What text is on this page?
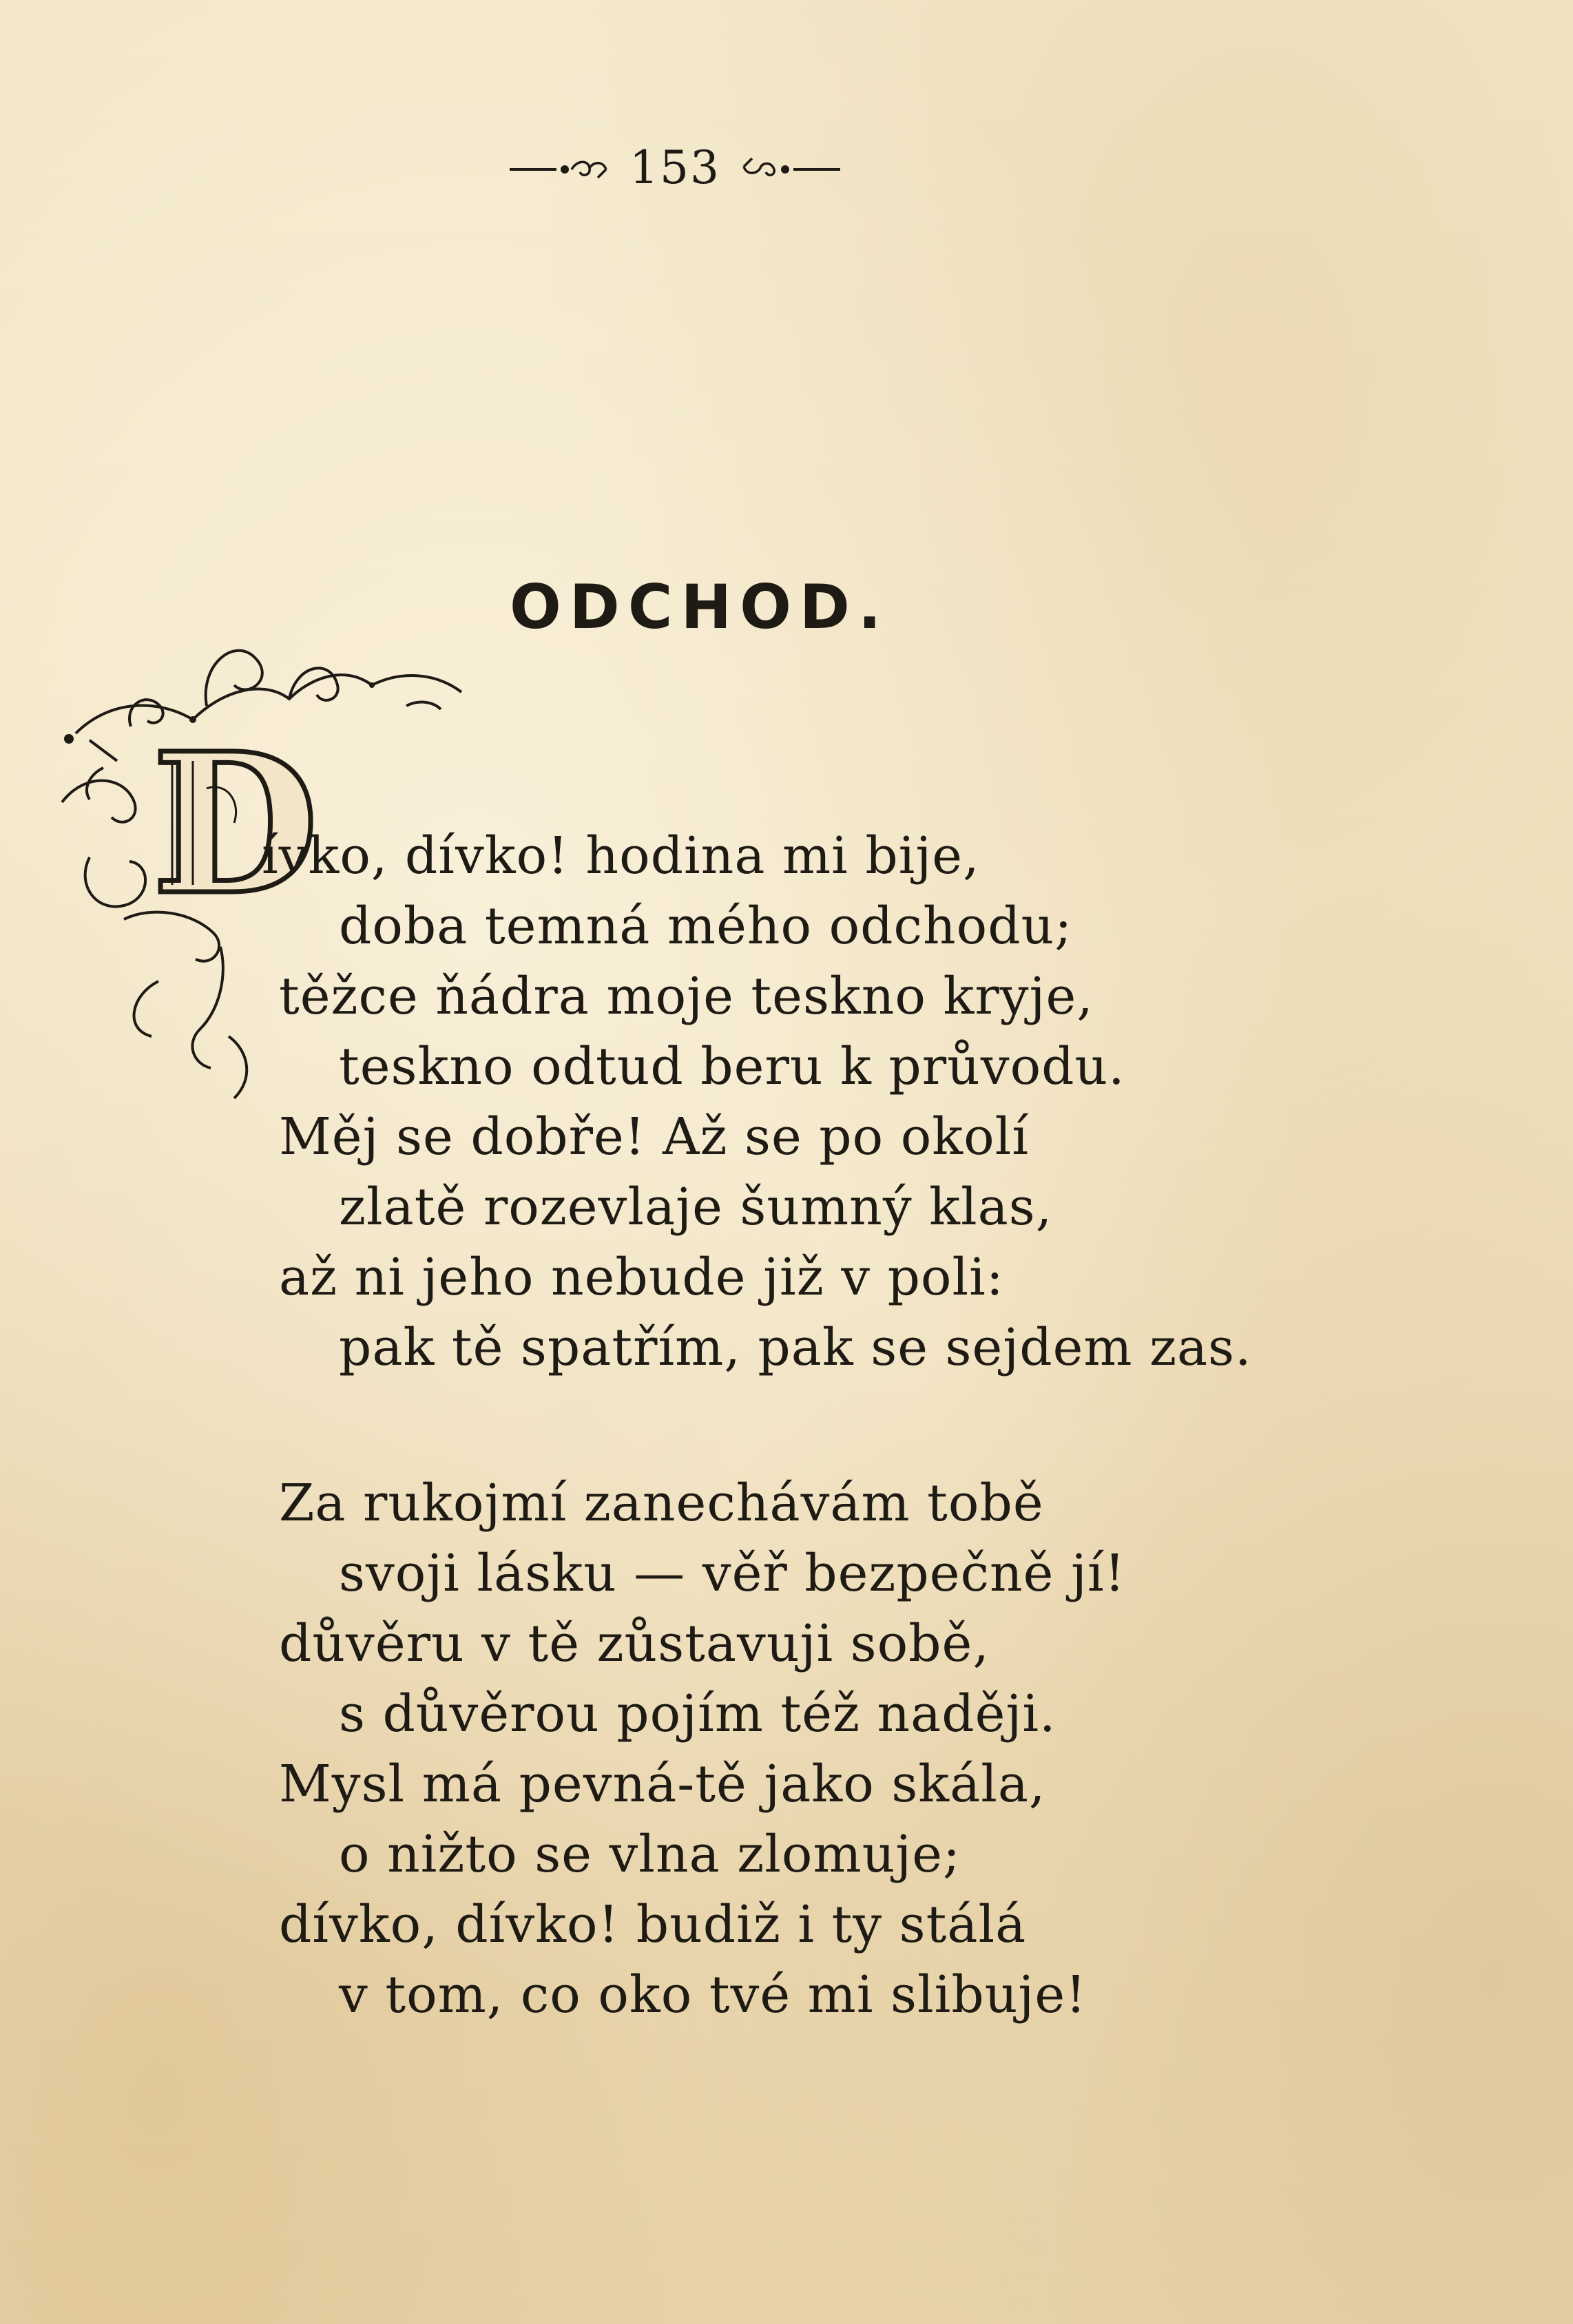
153
ODCHOD.
D
ívko, dívko! hodina mi bije,
doba temná mého odchodu;
těžce ňádra moje teskno kryje,
teskno odtud beru k průvodu.
Měj se dobře! Až se po okolí
zlatě rozevlaje šumný klas,
až ni jeho nebude již v poli:
pak tě spatřím, pak se sejdem zas.
Za rukojmí zanechávám tobě
svoji lásku — věř bezpečně jí!
důvěru v tě zůstavuji sobě,
s důvěrou pojím též naději.
Mysl má pevná-tě jako skála,
o nižto se vlna zlomuje;
dívko, dívko! budiž i ty stálá
v tom, co oko tvé mi slibuje!
